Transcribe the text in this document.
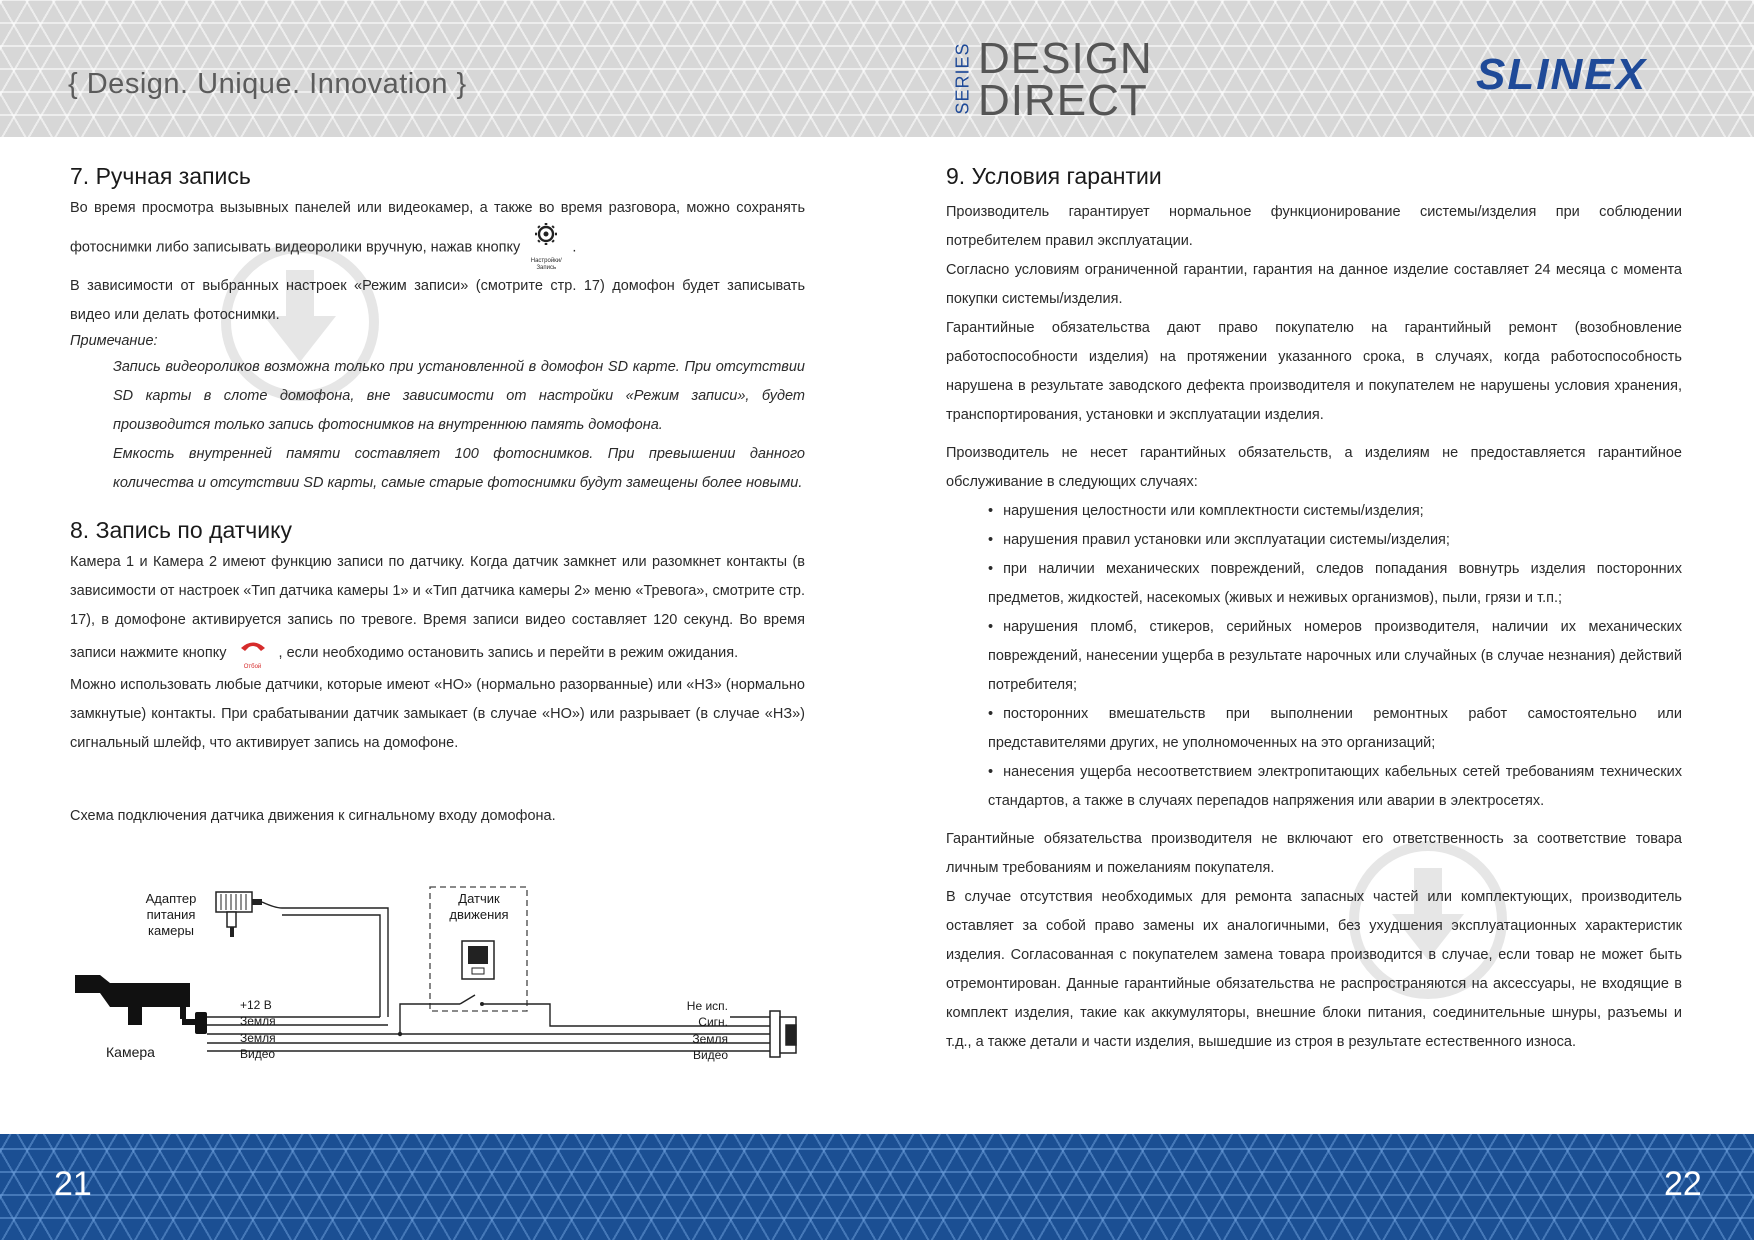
{ Design. Unique. Innovation }	SERIES DESIGN
DIRECT
SLINEX
7. Ручная запись

Во время просмотра вызывных панелей или видеокамер, а также во время разговора, можно сохранять фотоснимки либо записывать видеоролики вручную, нажав кнопку
Настройки/ Запись
.

В зависимости от выбранных настроек «Режим записи» (смотрите стр. 17) домофон будет записывать видео или делать фотоснимки.

Примечание:
Запись видеороликов возможна только при установленной в домофон SD карте. При отсутствии SD карты в слоте домофона, вне зависимости от настройки «Режим записи», будет производится только запись фотоснимков на внутреннюю память домофона.
Емкость внутренней памяти составляет 100 фотоснимков. При превышении данного количества и отсутствии SD карты, самые старые фотоснимки будут замещены более новыми.
8. Запись по датчику

Камера 1 и Камера 2 имеют функцию записи по датчику. Когда датчик замкнет или разомкнет контакты (в зависимости от настроек «Тип датчика камеры 1» и «Тип датчика камеры 2» меню «Тревога», смотрите стр. 17), в домофоне активируется запись по тревоге. Время записи видео составляет 120 секунд. Во время записи нажмите кнопку
Отбой
, если необходимо остановить запись и перейти в режим ожидания.

Можно использовать любые датчики, которые имеют «НО» (нормально разорванные) или «НЗ» (нормально замкнутые) контакты. При срабатывании датчик замыкает (в случае «НО») или разрывает (в случае «НЗ») сигнальный шлейф, что активирует запись на домофоне.

Схема подключения датчика движения к сигнальному входу домофона.

Адаптер питания камеры
Датчик движения
Камера
+12 В
Земля
Земля
Видео
Не исп.
Сигн.
Земля
Видео
9. Условия гарантии

Производитель гарантирует нормальное функционирование системы/изделия при соблюдении потребителем правил эксплуатации.

Согласно условиям ограниченной гарантии, гарантия на данное изделие составляет 24 месяца с момента покупки системы/изделия.

Гарантийные обязательства дают право покупателю на гарантийный ремонт (возобновление работоспособности изделия) на протяжении указанного срока, в случаях, когда работоспособность нарушена в результате заводского дефекта производителя и покупателем не нарушены условия хранения, транспортирования, установки и эксплуатации изделия.

Производитель не несет гарантийных обязательств, а изделиям не предоставляется гарантийное обслуживание в следующих случаях:

• нарушения целостности или комплектности системы/изделия;
• нарушения правил установки или эксплуатации системы/изделия;
• при наличии механических повреждений, следов попадания вовнутрь изделия посторонних предметов, жидкостей, насекомых (живых и неживых организмов), пыли, грязи и т.п.;
• нарушения пломб, стикеров, серийных номеров производителя, наличии их механических повреждений, нанесении ущерба в результате нарочных или случайных (в случае незнания) действий потребителя;
• посторонних вмешательств при выполнении ремонтных работ самостоятельно или представителями других, не уполномоченных на это организаций;
• нанесения ущерба несоответствием электропитающих кабельных сетей требованиям технических стандартов, а также в случаях перепадов напряжения или аварии в электросетях.

Гарантийные обязательства производителя не включают его ответственность за соответствие товара личным требованиям и пожеланиям покупателя.

В случае отсутствия необходимых для ремонта запасных частей или комплектующих, производитель оставляет за собой право замены их аналогичными, без ухудшения эксплуатационных характеристик изделия. Согласованная с покупателем замена товара производится в случае, если товар не может быть отремонтирован. Данные гарантийные обязательства не распространяются на аксессуары, не входящие в комплект изделия, такие как аккумуляторы, внешние блоки питания, соединительные шнуры, разъемы и т.д., а также детали и части изделия, вышедшие из строя в результате естественного износа.

21	22
